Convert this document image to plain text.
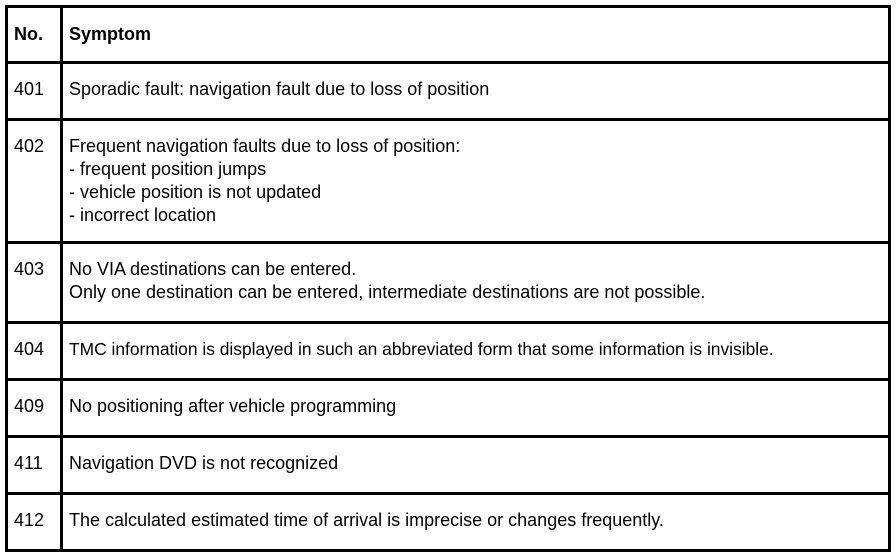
No.	Symptom
401	Sporadic fault: navigation fault due to loss of position

402	Frequent navigation faults due to loss of position:
- frequent position jumps
- vehicle position is not updated
- incorrect location

403	No VIA destinations can be entered.
Only one destination can be entered, intermediate destinations are not possible.

404	TMC information is displayed in such an abbreviated form that some information is invisible.

409	No positioning after vehicle programming

411	Navigation DVD is not recognized

412	The calculated estimated time of arrival is imprecise or changes frequently.
